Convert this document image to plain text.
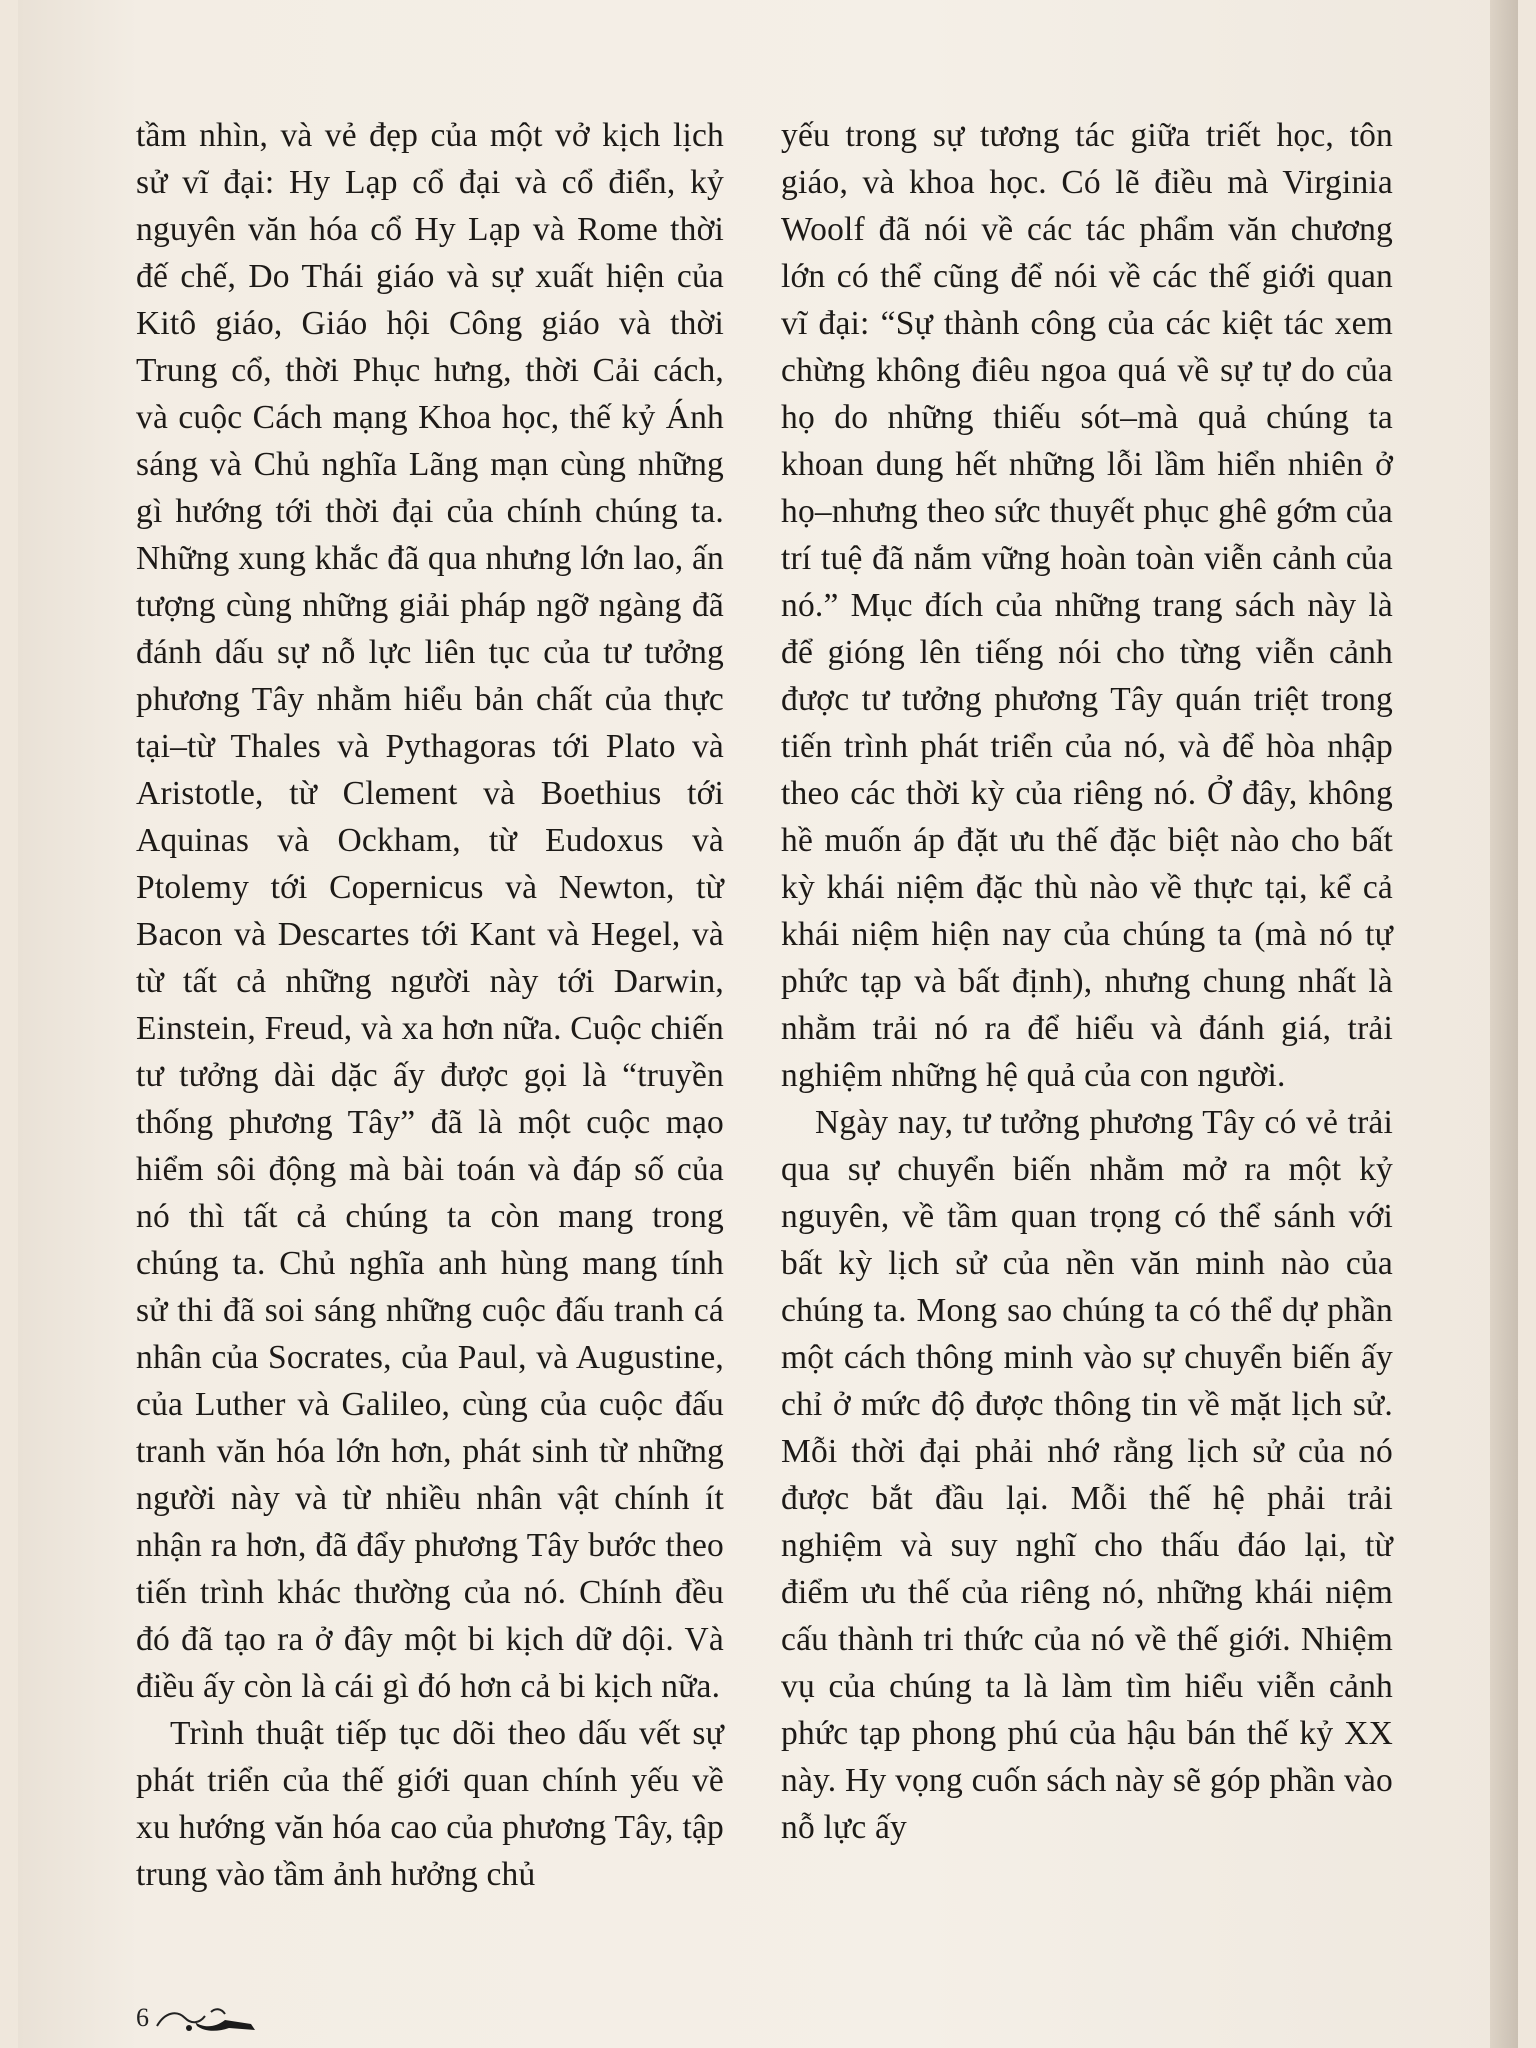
tầm nhìn, và vẻ đẹp của một vở kịch lịch sử vĩ đại: Hy Lạp cổ đại và cổ điển, kỷ nguyên văn hóa cổ Hy Lạp và Rome thời đế chế, Do Thái giáo và sự xuất hiện của Kitô giáo, Giáo hội Công giáo và thời Trung cổ, thời Phục hưng, thời Cải cách, và cuộc Cách mạng Khoa học, thế kỷ Ánh sáng và Chủ nghĩa Lãng mạn cùng những gì hướng tới thời đại của chính chúng ta. Những xung khắc đã qua nhưng lớn lao, ấn tượng cùng những giải pháp ngỡ ngàng đã đánh dấu sự nỗ lực liên tục của tư tưởng phương Tây nhằm hiểu bản chất của thực tại–từ Thales và Pythagoras tới Plato và Aristotle, từ Clement và Boethius tới Aquinas và Ockham, từ Eudoxus và Ptolemy tới Copernicus và Newton, từ Bacon và Descartes tới Kant và Hegel, và từ tất cả những người này tới Darwin, Einstein, Freud, và xa hơn nữa. Cuộc chiến tư tưởng dài dặc ấy được gọi là “truyền thống phương Tây” đã là một cuộc mạo hiểm sôi động mà bài toán và đáp số của nó thì tất cả chúng ta còn mang trong chúng ta. Chủ nghĩa anh hùng mang tính sử thi đã soi sáng những cuộc đấu tranh cá nhân của Socrates, của Paul, và Augustine, của Luther và Galileo, cùng của cuộc đấu tranh văn hóa lớn hơn, phát sinh từ những người này và từ nhiều nhân vật chính ít nhận ra hơn, đã đẩy phương Tây bước theo tiến trình khác thường của nó. Chính đều đó đã tạo ra ở đây một bi kịch dữ dội. Và điều ấy còn là cái gì đó hơn cả bi kịch nữa.

Trình thuật tiếp tục dõi theo dấu vết sự phát triển của thế giới quan chính yếu về xu hướng văn hóa cao của phương Tây, tập trung vào tầm ảnh hưởng chủ

yếu trong sự tương tác giữa triết học, tôn giáo, và khoa học. Có lẽ điều mà Virginia Woolf đã nói về các tác phẩm văn chương lớn có thể cũng để nói về các thế giới quan vĩ đại: “Sự thành công của các kiệt tác xem chừng không điêu ngoa quá về sự tự do của họ do những thiếu sót–mà quả chúng ta khoan dung hết những lỗi lầm hiển nhiên ở họ–nhưng theo sức thuyết phục ghê gớm của trí tuệ đã nắm vững hoàn toàn viễn cảnh của nó.” Mục đích của những trang sách này là để gióng lên tiếng nói cho từng viễn cảnh được tư tưởng phương Tây quán triệt trong tiến trình phát triển của nó, và để hòa nhập theo các thời kỳ của riêng nó. Ở đây, không hề muốn áp đặt ưu thế đặc biệt nào cho bất kỳ khái niệm đặc thù nào về thực tại, kể cả khái niệm hiện nay của chúng ta (mà nó tự phức tạp và bất định), nhưng chung nhất là nhằm trải nó ra để hiểu và đánh giá, trải nghiệm những hệ quả của con người.

Ngày nay, tư tưởng phương Tây có vẻ trải qua sự chuyển biến nhằm mở ra một kỷ nguyên, về tầm quan trọng có thể sánh với bất kỳ lịch sử của nền văn minh nào của chúng ta. Mong sao chúng ta có thể dự phần một cách thông minh vào sự chuyển biến ấy chỉ ở mức độ được thông tin về mặt lịch sử. Mỗi thời đại phải nhớ rằng lịch sử của nó được bắt đầu lại. Mỗi thế hệ phải trải nghiệm và suy nghĩ cho thấu đáo lại, từ điểm ưu thế của riêng nó, những khái niệm cấu thành tri thức của nó về thế giới. Nhiệm vụ của chúng ta là làm tìm hiểu viễn cảnh phức tạp phong phú của hậu bán thế kỷ XX này. Hy vọng cuốn sách này sẽ góp phần vào nỗ lực ấy

6
